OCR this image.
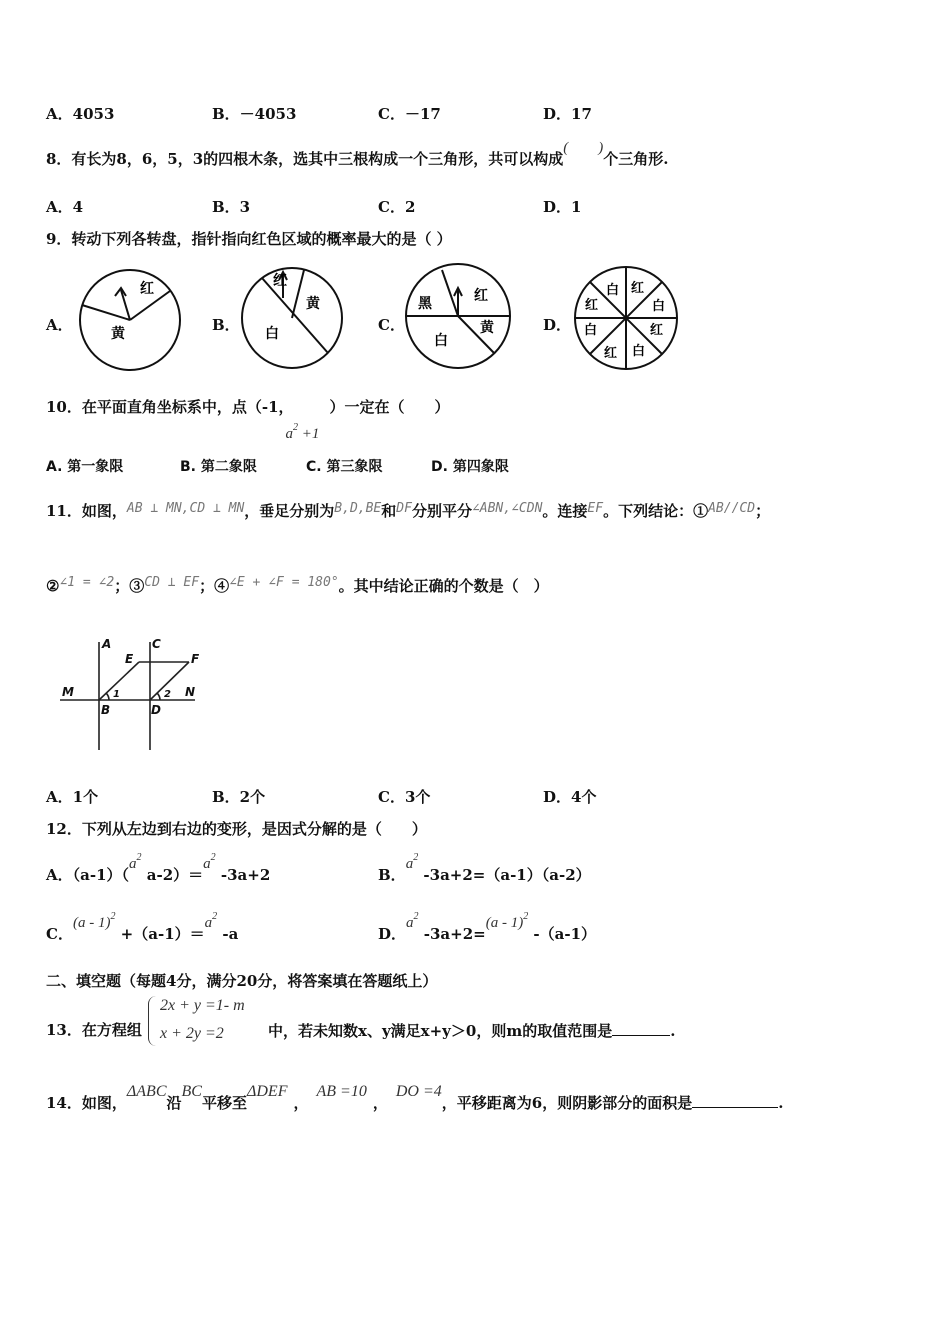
A．4053	B．－4053	C．－17	D．17
8．有长为8，6，5，3的四根木条，选其中三根构成一个三角形，共可以构成(　　)个三角形.
A．4	B．3	C．2	D．1
9．转动下列各转盘，指针指向红色区域的概率最大的是（ ）
A．	B．	C．	D．
红
黄
红
黄
白
黑	红
黄
白
白 红
白
红
白
红
白
红
10．在平面直角坐标系中，点（-1，
$a^2 +1$
）一定在（　　）
A. 第一象限	B. 第二象限	C. 第三象限	D. 第四象限
11．如图，AB ⊥ MN,CD ⊥ MN，垂足分别为B,D,BE和DF分别平分∠ABN,∠CDN。连接EF。下列结论：①AB//CD；
②∠1 = ∠2；③CD ⊥ EF；④∠E + ∠F = 180°。其中结论正确的个数是（　）
A	C
E	F
M	N
B	D
1	2
A．1个	B．2个	C．3个	D．4个
12．下列从左边到右边的变形，是因式分解的是（　　）
A．$(a-1)(a^2$ $a-2)=a^2$ -3a+2	B．$a^2$ -3a+2=（a-1）（a-2）
C．$(a - 1)^2 +(a-1)=a^2$ -a	D．$a^2$ -3a+2=(a - 1)$^2$ -（a-1）
二、填空题（每题4分，满分20分，将答案填在答题纸上）
13．在方程组
2x + y =1- m
x + 2y =2	中，若未知数x、y满足x+y＞0，则m的取值范围是	.
14．如图，ΔABC沿BC平移至ΔDEF，AB =10，DO =4，平移距离为6，则阴影部分的面积是	.
